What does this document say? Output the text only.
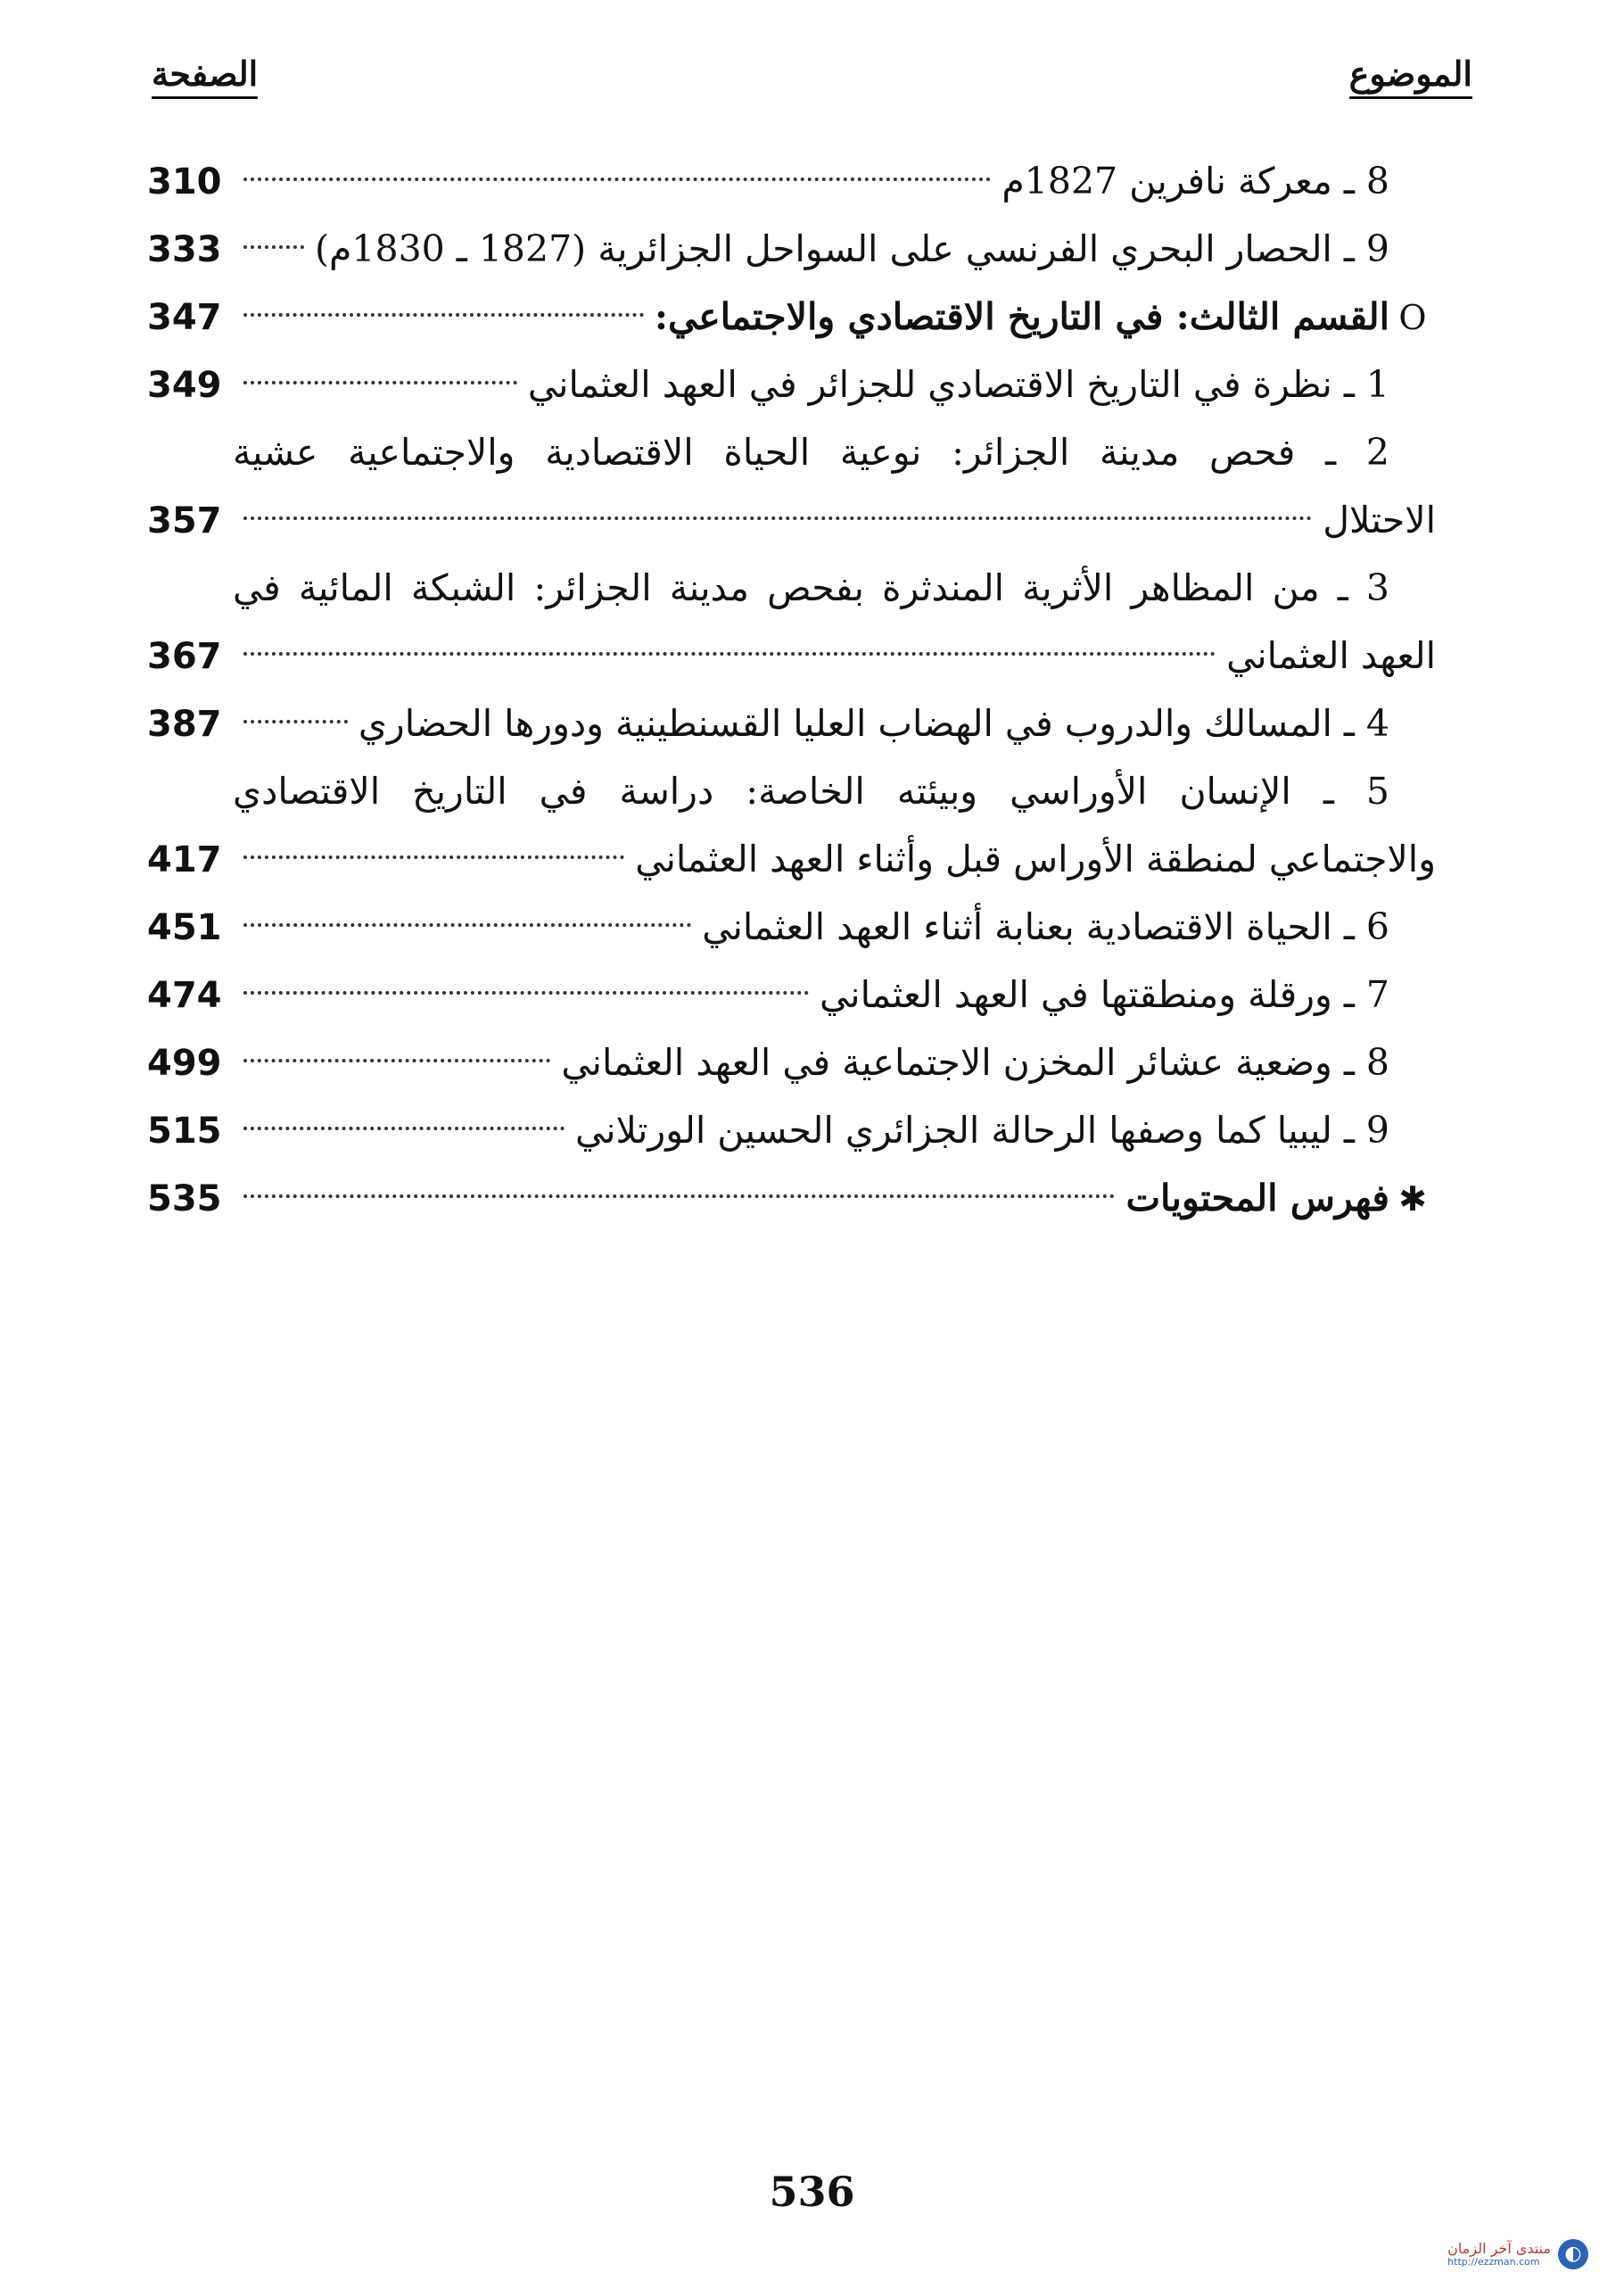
الموضوع
الصفحة
8 ـ معركة نافرين 1827م
310
9 ـ الحصار البحري الفرنسي على السواحل الجزائرية (1827 ـ 1830م)
333
O
القسم الثالث: في التاريخ الاقتصادي والاجتماعي:
347
1 ـ نظرة في التاريخ الاقتصادي للجزائر في العهد العثماني
349
2 ـ فحص مدينة الجزائر: نوعية الحياة الاقتصادية والاجتماعية عشية
الاحتلال
357
3 ـ من المظاهر الأثرية المندثرة بفحص مدينة الجزائر: الشبكة المائية في
العهد العثماني
367
4 ـ المسالك والدروب في الهضاب العليا القسنطينية ودورها الحضاري
387
5 ـ الإنسان الأوراسي وبيئته الخاصة: دراسة في التاريخ الاقتصادي
والاجتماعي لمنطقة الأوراس قبل وأثناء العهد العثماني
417
6 ـ الحياة الاقتصادية بعنابة أثناء العهد العثماني
451
7 ـ ورقلة ومنطقتها في العهد العثماني
474
8 ـ وضعية عشائر المخزن الاجتماعية في العهد العثماني
499
9 ـ ليبيا كما وصفها الرحالة الجزائري الحسين الورتلاني
515
✱
فهرس المحتويات
535
536
◐
منتدى آخر الزمان
http://ezzman.com
